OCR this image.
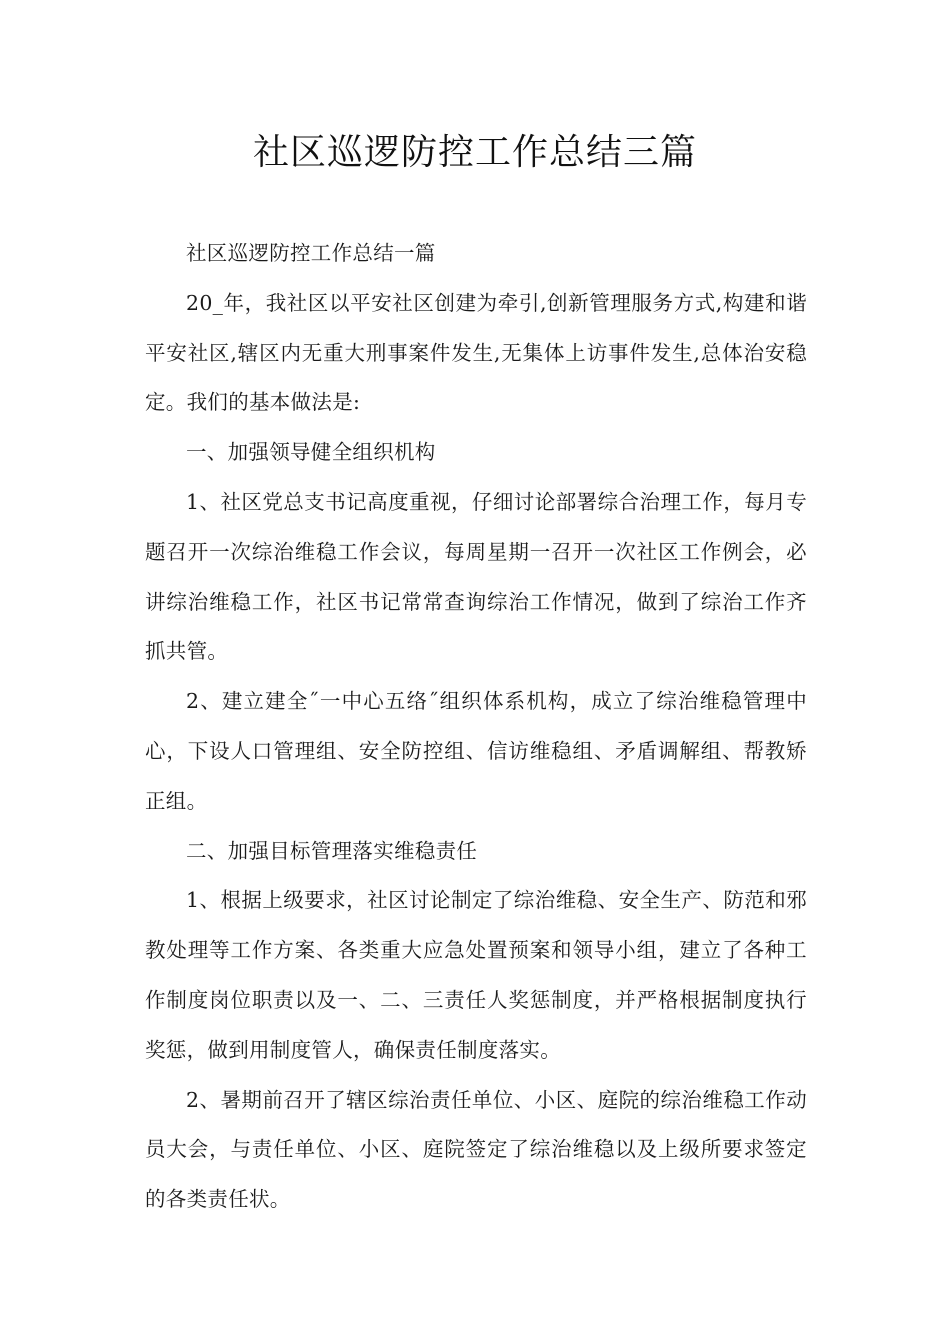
社区巡逻防控工作总结三篇

社区巡逻防控工作总结一篇

20_年，我社区以平安社区创建为牵引,创新管理服务方式,构建和谐平安社区,辖区内无重大刑事案件发生,无集体上访事件发生,总体治安稳定。我们的基本做法是:

一、加强领导健全组织机构

1、社区党总支书记高度重视，仔细讨论部署综合治理工作，每月专题召开一次综治维稳工作会议，每周星期一召开一次社区工作例会，必讲综治维稳工作，社区书记常常查询综治工作情况，做到了综治工作齐抓共管。

2、建立建全˝一中心五络˝组织体系机构，成立了综治维稳管理中心，下设人口管理组、安全防控组、信访维稳组、矛盾调解组、帮教矫正组。

二、加强目标管理落实维稳责任

1、根据上级要求，社区讨论制定了综治维稳、安全生产、防范和邪教处理等工作方案、各类重大应急处置预案和领导小组，建立了各种工作制度岗位职责以及一、二、三责任人奖惩制度，并严格根据制度执行奖惩，做到用制度管人，确保责任制度落实。

2、暑期前召开了辖区综治责任单位、小区、庭院的综治维稳工作动员大会，与责任单位、小区、庭院签定了综治维稳以及上级所要求签定的各类责任状。
